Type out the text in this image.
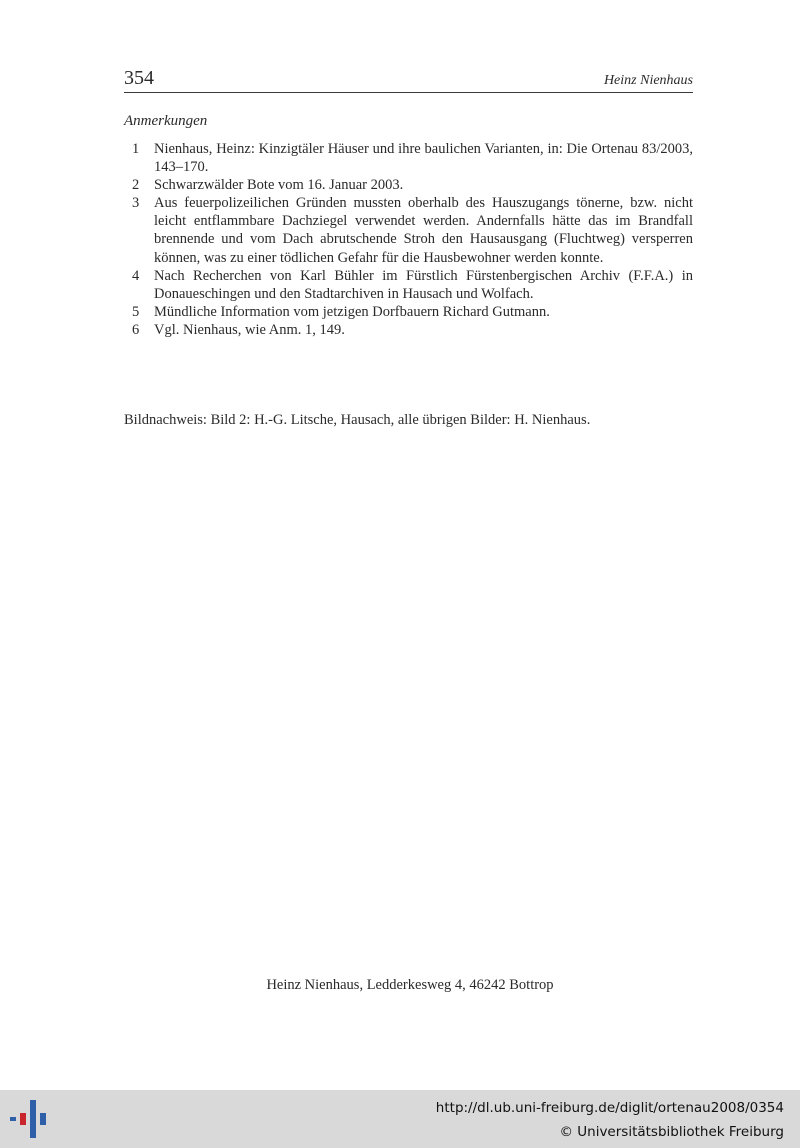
354	Heinz Nienhaus
Anmerkungen
1 Nienhaus, Heinz: Kinzigtäler Häuser und ihre baulichen Varianten, in: Die Ortenau 83/2003, 143–170.
2 Schwarzwälder Bote vom 16. Januar 2003.
3 Aus feuerpolizeilichen Gründen mussten oberhalb des Hauszugangs tönerne, bzw. nicht leicht entflammbare Dachziegel verwendet werden. Andernfalls hätte das im Brandfall brennende und vom Dach abrutschende Stroh den Hausausgang (Fluchtweg) versperren können, was zu einer tödlichen Gefahr für die Hausbewohner werden konnte.
4 Nach Recherchen von Karl Bühler im Fürstlich Fürstenbergischen Archiv (F.F.A.) in Donaueschingen und den Stadtarchiven in Hausach und Wolfach.
5 Mündliche Information vom jetzigen Dorfbauern Richard Gutmann.
6 Vgl. Nienhaus, wie Anm. 1, 149.
Bildnachweis: Bild 2: H.-G. Litsche, Hausach, alle übrigen Bilder: H. Nienhaus.
Heinz Nienhaus, Ledderkesweg 4, 46242 Bottrop
http://dl.ub.uni-freiburg.de/diglit/ortenau2008/0354
© Universitätsbibliothek Freiburg
